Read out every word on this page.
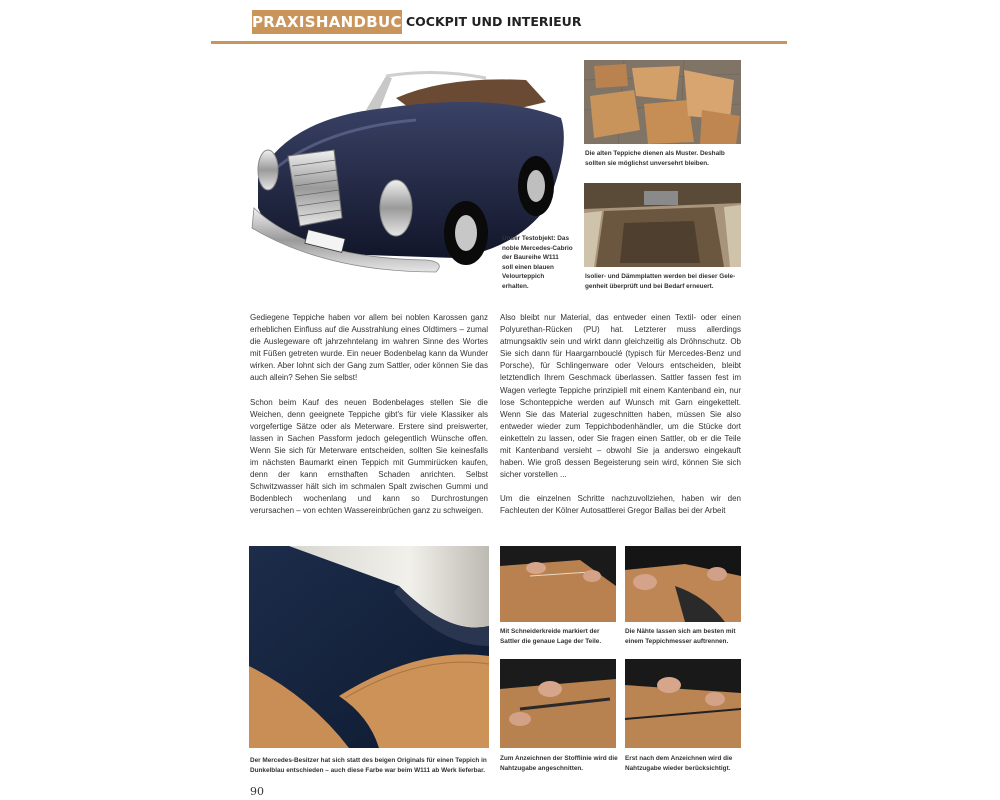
PRAXISHANDBUCH
COCKPIT UND INTERIEUR
Unser Testobjekt: Das
noble Mercedes-Cabrio
der Baureihe W111
soll einen blauen
Velourteppich
erhalten.
Die alten Teppiche dienen als Muster. Deshalb
sollten sie möglichst unversehrt bleiben.
Isolier- und Dämmplatten werden bei dieser Gele-
genheit überprüft und bei Bedarf erneuert.

Gediegene Teppiche haben vor allem bei noblen Karossen ganz erheblichen Einfluss auf die Ausstrahlung eines Oldtimers – zumal die Auslegeware oft jahrzehntelang im wahren Sinne des Wortes mit Füßen getreten wurde. Ein neuer Bodenbelag kann da Wunder wirken. Aber lohnt sich der Gang zum Sattler, oder können Sie das auch allein? Sehen Sie selbst!

Schon beim Kauf des neuen Bodenbelages stellen Sie die Weichen, denn geeignete Teppiche gibt's für viele Klassiker als vorgefertige Sätze oder als Meterware. Erstere sind preiswerter, lassen in Sachen Passform jedoch gelegentlich Wünsche offen. Wenn Sie sich für Meterware entscheiden, sollten Sie keinesfalls im nächsten Baumarkt einen Teppich mit Gummirücken kaufen, denn der kann ernsthaften Schaden anrichten. Selbst Schwitzwasser hält sich im schmalen Spalt zwischen Gummi und Bodenblech wochenlang und kann so Durchrostungen verursachen – von echten Wassereinbrüchen ganz zu schweigen.

Also bleibt nur Material, das entweder einen Textil- oder einen Polyurethan-Rücken (PU) hat. Letzterer muss allerdings atmungsaktiv sein und wirkt dann gleichzeitig als Dröhnschutz. Ob Sie sich dann für Haargarnbouclé (typisch für Mercedes-Benz und Porsche), für Schlingenware oder Velours entscheiden, bleibt letztendlich Ihrem Geschmack überlassen. Sattler fassen fest im Wagen verlegte Teppiche prinzipiell mit einem Kantenband ein, nur lose Schonteppiche werden auf Wunsch mit Garn eingekettelt. Wenn Sie das Material zugeschnitten haben, müssen Sie also entweder wieder zum Teppichbodenhändler, um die Stücke dort einketteln zu lassen, oder Sie fragen einen Sattler, ob er die Teile mit Kantenband versieht – obwohl Sie ja anderswo eingekauft haben. Wie groß dessen Begeisterung sein wird, können Sie sich sicher vorstellen ...

Um die einzelnen Schritte nachzuvollziehen, haben wir den Fachleuten der Kölner Autosattlerei Gregor Ballas bei der Arbeit

Der Mercedes-Besitzer hat sich statt des beigen Originals für einen Teppich in
Dunkelblau entschieden – auch diese Farbe war beim W111 ab Werk lieferbar.
Mit Schneiderkreide markiert der
Sattler die genaue Lage der Teile.
Die Nähte lassen sich am besten mit
einem Teppichmesser auftrennen.
Zum Anzeichnen der Stofflinie wird die
Nahtzugabe angeschnitten.
Erst nach dem Anzeichnen wird die
Nahtzugabe wieder berücksichtigt.
90
